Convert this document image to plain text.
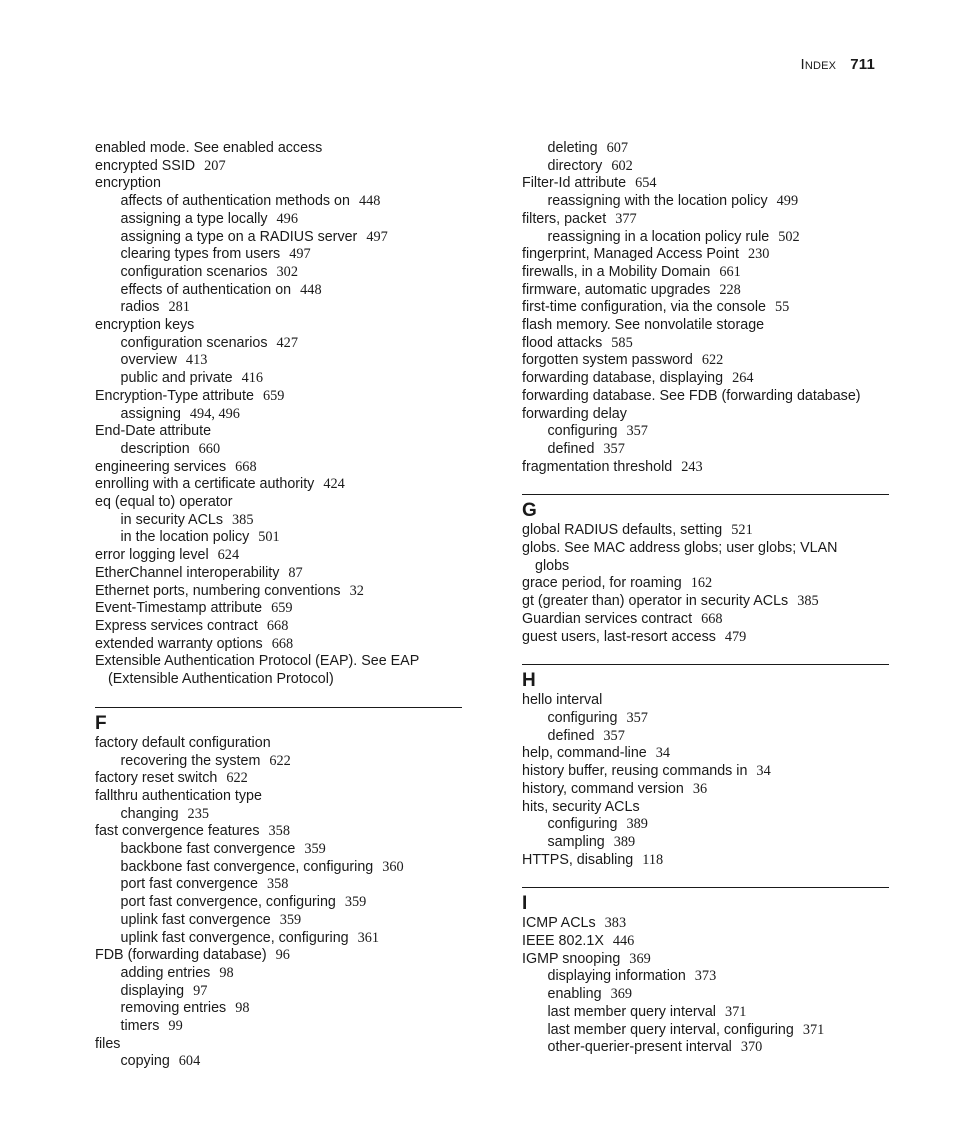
Index 711
enabled mode. See enabled access
encrypted SSID 207
encryption
affects of authentication methods on 448
assigning a type locally 496
assigning a type on a RADIUS server 497
clearing types from users 497
configuration scenarios 302
effects of authentication on 448
radios 281
encryption keys
configuration scenarios 427
overview 413
public and private 416
Encryption-Type attribute 659
assigning 494, 496
End-Date attribute
description 660
engineering services 668
enrolling with a certificate authority 424
eq (equal to) operator
in security ACLs 385
in the location policy 501
error logging level 624
EtherChannel interoperability 87
Ethernet ports, numbering conventions 32
Event-Timestamp attribute 659
Express services contract 668
extended warranty options 668
Extensible Authentication Protocol (EAP). See EAP
(Extensible Authentication Protocol)
F
factory default configuration
recovering the system 622
factory reset switch 622
fallthru authentication type
changing 235
fast convergence features 358
backbone fast convergence 359
backbone fast convergence, configuring 360
port fast convergence 358
port fast convergence, configuring 359
uplink fast convergence 359
uplink fast convergence, configuring 361
FDB (forwarding database) 96
adding entries 98
displaying 97
removing entries 98
timers 99
files
copying 604
deleting 607
directory 602
Filter-Id attribute 654
reassigning with the location policy 499
filters, packet 377
reassigning in a location policy rule 502
fingerprint, Managed Access Point 230
firewalls, in a Mobility Domain 661
firmware, automatic upgrades 228
first-time configuration, via the console 55
flash memory. See nonvolatile storage
flood attacks 585
forgotten system password 622
forwarding database, displaying 264
forwarding database. See FDB (forwarding database)
forwarding delay
configuring 357
defined 357
fragmentation threshold 243
G
global RADIUS defaults, setting 521
globs. See MAC address globs; user globs; VLAN
globs
grace period, for roaming 162
gt (greater than) operator in security ACLs 385
Guardian services contract 668
guest users, last-resort access 479
H
hello interval
configuring 357
defined 357
help, command-line 34
history buffer, reusing commands in 34
history, command version 36
hits, security ACLs
configuring 389
sampling 389
HTTPS, disabling 118
I
ICMP ACLs 383
IEEE 802.1X 446
IGMP snooping 369
displaying information 373
enabling 369
last member query interval 371
last member query interval, configuring 371
other-querier-present interval 370
